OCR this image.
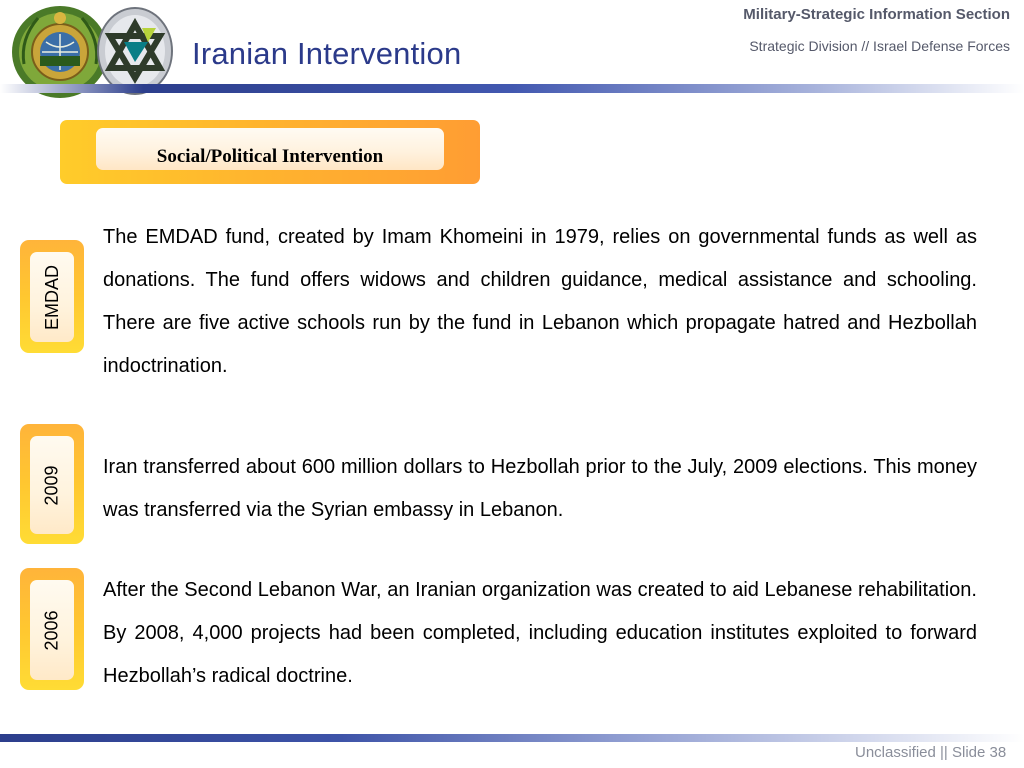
Iranian Intervention
Military-Strategic Information Section
Strategic Division // Israel Defense Forces
Social/Political Intervention
EMDAD

The EMDAD fund, created by Imam Khomeini in 1979, relies on governmental funds as well as donations. The fund offers widows and children guidance, medical assistance and schooling. There are five active schools run by the fund in Lebanon which propagate hatred and Hezbollah indoctrination.

2009 Iran transferred about 600 million dollars to Hezbollah prior to the July, 2009 elections. This money was transferred via the Syrian embassy in Lebanon.

2006

After the Second Lebanon War, an Iranian organization was created to aid Lebanese rehabilitation. By 2008, 4,000 projects had been completed, including education institutes exploited to forward Hezbollah’s radical doctrine.

Unclassified || Slide 38
